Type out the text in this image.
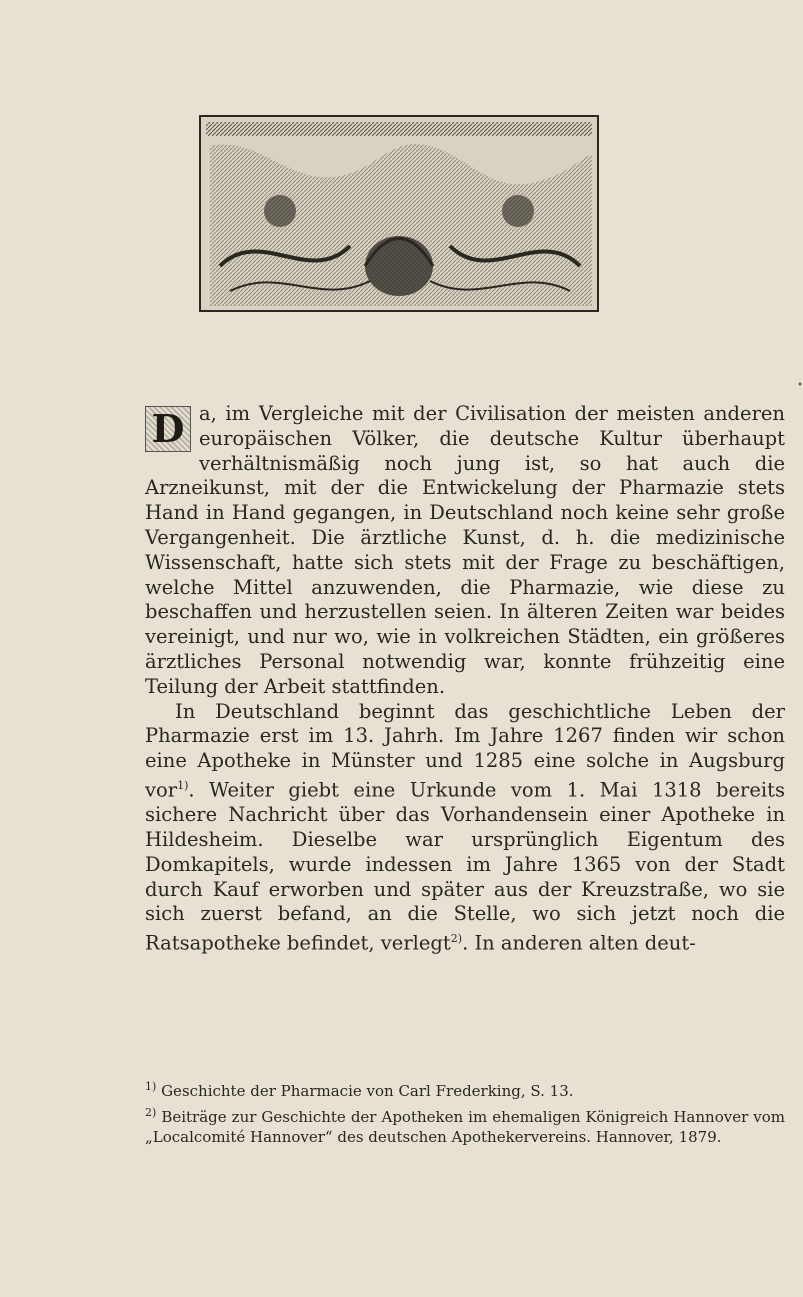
•

D a, im Vergleiche mit der Civilisation der meisten anderen europäischen Völker, die deutsche Kultur überhaupt verhältnismäßig noch jung ist, so hat auch die Arzneikunst, mit der die Entwickelung der Pharmazie stets Hand in Hand gegangen, in Deutschland noch keine sehr große Vergangenheit. Die ärztliche Kunst, d. h. die medizinische Wissenschaft, hatte sich stets mit der Frage zu beschäftigen, welche Mittel anzuwenden, die Pharmazie, wie diese zu beschaffen und herzustellen seien. In älteren Zeiten war beides vereinigt, und nur wo, wie in volkreichen Städten, ein größeres ärztliches Personal notwendig war, konnte frühzeitig eine Teilung der Arbeit stattfinden.

In Deutschland beginnt das geschichtliche Leben der Pharmazie erst im 13. Jahrh. Im Jahre 1267 finden wir schon eine Apotheke in Münster und 1285 eine solche in Augsburg vor$^{1)}$. Weiter giebt eine Urkunde vom 1. Mai 1318 bereits sichere Nachricht über das Vorhandensein einer Apotheke in Hildesheim. Dieselbe war ursprünglich Eigentum des Domkapitels, wurde indessen im Jahre 1365 von der Stadt durch Kauf erworben und später aus der Kreuzstraße, wo sie sich zuerst befand, an die Stelle, wo sich jetzt noch die Ratsapotheke befindet, verlegt$^{2)}$. In anderen alten deut-

$^{1)}$ Geschichte der Pharmacie von Carl Frederking, S. 13.

$^{2)}$ Beiträge zur Geschichte der Apotheken im ehemaligen Königreich Hannover vom „Localcomité Hannover“ des deutschen Apothekervereins. Hannover, 1879.
